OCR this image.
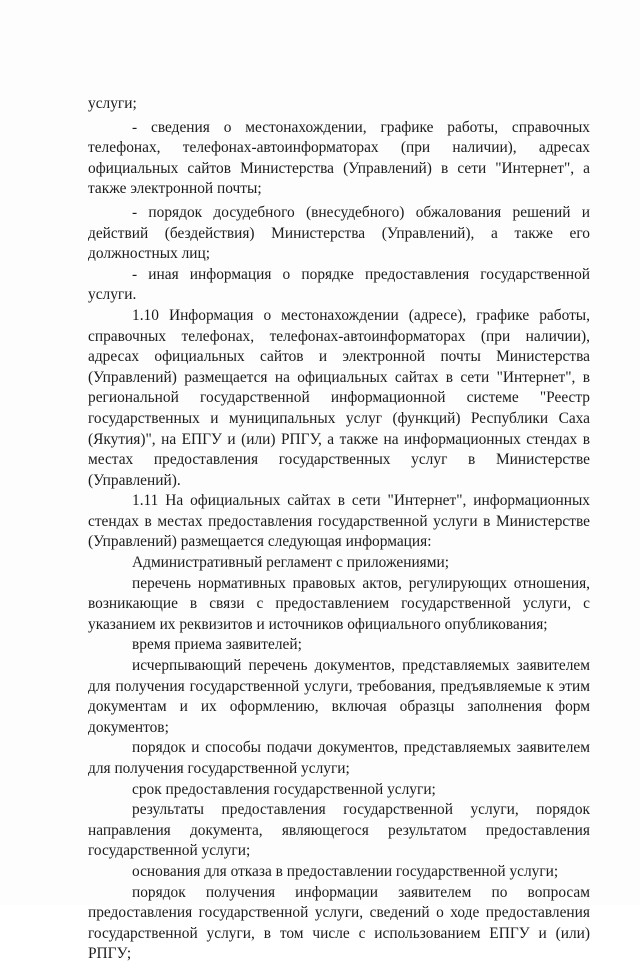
услуги;

- сведения о местонахождении, графике работы, справочных телефонах, телефонах-автоинформаторах (при наличии), адресах официальных сайтов Министерства (Управлений) в сети "Интернет", а также электронной почты;

- порядок досудебного (внесудебного) обжалования решений и действий (бездействия) Министерства (Управлений), а также его должностных лиц;

- иная информация о порядке предоставления государственной услуги.

1.10 Информация о местонахождении (адресе), графике работы, справочных телефонах, телефонах-автоинформаторах (при наличии), адресах официальных сайтов и электронной почты Министерства (Управлений) размещается на официальных сайтах в сети "Интернет", в региональной государственной информационной системе "Реестр государственных и муниципальных услуг (функций) Республики Саха (Якутия)", на ЕПГУ и (или) РПГУ, а также на информационных стендах в местах предоставления государственных услуг в Министерстве (Управлений).

1.11 На официальных сайтах в сети "Интернет", информационных стендах в местах предоставления государственной услуги в Министерстве (Управлений) размещается следующая информация:

Административный регламент с приложениями;

перечень нормативных правовых актов, регулирующих отношения, возникающие в связи с предоставлением государственной услуги, с указанием их реквизитов и источников официального опубликования;

время приема заявителей;

исчерпывающий перечень документов, представляемых заявителем для получения государственной услуги, требования, предъявляемые к этим документам и их оформлению, включая образцы заполнения форм документов;

порядок и способы подачи документов, представляемых заявителем для получения государственной услуги;

срок предоставления государственной услуги;

результаты предоставления государственной услуги, порядок направления документа, являющегося результатом предоставления государственной услуги;

основания для отказа в предоставлении государственной услуги;

порядок получения информации заявителем по вопросам предоставления государственной услуги, сведений о ходе предоставления государственной услуги, в том числе с использованием ЕПГУ и (или) РПГУ;
